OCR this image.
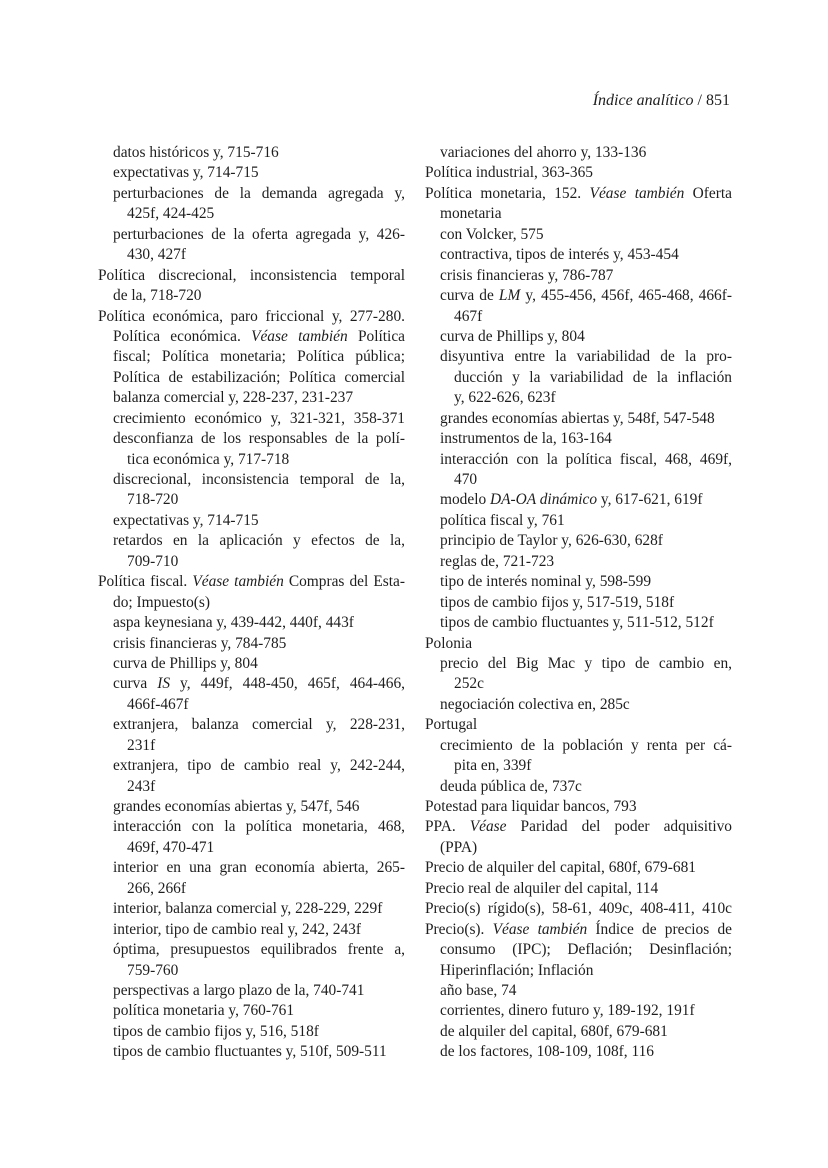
Índice analítico / 851
datos históricos y, 715-716
expectativas y, 714-715
perturbaciones de la demanda agregada y,
425f, 424-425
perturbaciones de la oferta agregada y, 426-
430, 427f
Política discrecional, inconsistencia temporal
de la, 718-720
Política económica, paro friccional y, 277-280.
Política económica. Véase también Política
fiscal; Política monetaria; Política pública;
Política de estabilización; Política comercial
balanza comercial y, 228-237, 231-237
crecimiento económico y, 321-321, 358-371
desconfianza de los responsables de la polí-
tica económica y, 717-718
discrecional, inconsistencia temporal de la,
718-720
expectativas y, 714-715
retardos en la aplicación y efectos de la,
709-710
Política fiscal. Véase también Compras del Esta-
do; Impuesto(s)
aspa keynesiana y, 439-442, 440f, 443f
crisis financieras y, 784-785
curva de Phillips y, 804
curva IS y, 449f, 448-450, 465f, 464-466,
466f-467f
extranjera, balanza comercial y, 228-231,
231f
extranjera, tipo de cambio real y, 242-244,
243f
grandes economías abiertas y, 547f, 546
interacción con la política monetaria, 468,
469f, 470-471
interior en una gran economía abierta, 265-
266, 266f
interior, balanza comercial y, 228-229, 229f
interior, tipo de cambio real y, 242, 243f
óptima, presupuestos equilibrados frente a,
759-760
perspectivas a largo plazo de la, 740-741
política monetaria y, 760-761
tipos de cambio fijos y, 516, 518f
tipos de cambio fluctuantes y, 510f, 509-511
variaciones del ahorro y, 133-136
Política industrial, 363-365
Política monetaria, 152. Véase también Oferta
monetaria
con Volcker, 575
contractiva, tipos de interés y, 453-454
crisis financieras y, 786-787
curva de LM y, 455-456, 456f, 465-468, 466f-
467f
curva de Phillips y, 804
disyuntiva entre la variabilidad de la pro-
ducción y la variabilidad de la inflación
y, 622-626, 623f
grandes economías abiertas y, 548f, 547-548
instrumentos de la, 163-164
interacción con la política fiscal, 468, 469f,
470
modelo DA-OA dinámico y, 617-621, 619f
política fiscal y, 761
principio de Taylor y, 626-630, 628f
reglas de, 721-723
tipo de interés nominal y, 598-599
tipos de cambio fijos y, 517-519, 518f
tipos de cambio fluctuantes y, 511-512, 512f
Polonia
precio del Big Mac y tipo de cambio en,
252c
negociación colectiva en, 285c
Portugal
crecimiento de la población y renta per cá-
pita en, 339f
deuda pública de, 737c
Potestad para liquidar bancos, 793
PPA. Véase Paridad del poder adquisitivo
(PPA)
Precio de alquiler del capital, 680f, 679-681
Precio real de alquiler del capital, 114
Precio(s) rígido(s), 58-61, 409c, 408-411, 410c
Precio(s). Véase también Índice de precios de
consumo (IPC); Deflación; Desinflación;
Hiperinflación; Inflación
año base, 74
corrientes, dinero futuro y, 189-192, 191f
de alquiler del capital, 680f, 679-681
de los factores, 108-109, 108f, 116
